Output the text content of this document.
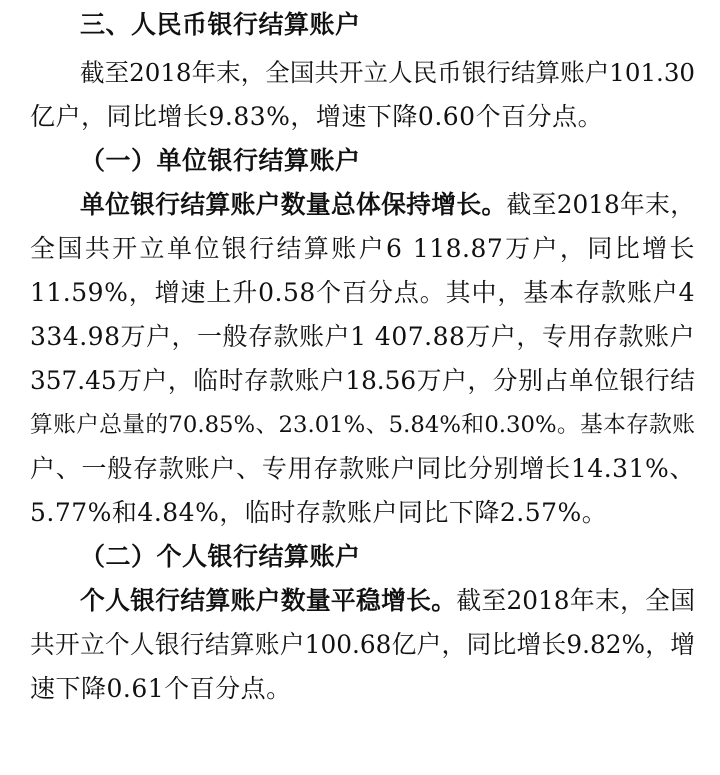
三、人民币银行结算账户
截至2018年末，全国共开立人民币银行结算账户101.30
亿户，同比增长9.83%，增速下降0.60个百分点。
（一）单位银行结算账户
单位银行结算账户数量总体保持增长。截至2018年末，
全国共开立单位银行结算账户6 118.87万户，同比增长
11.59%，增速上升0.58个百分点。其中，基本存款账户4
334.98万户，一般存款账户1 407.88万户，专用存款账户
357.45万户，临时存款账户18.56万户，分别占单位银行结
算账户总量的70.85%、23.01%、5.84%和0.30%。基本存款账
户、一般存款账户、专用存款账户同比分别增长14.31%、
5.77%和4.84%，临时存款账户同比下降2.57%。
（二）个人银行结算账户
个人银行结算账户数量平稳增长。截至2018年末，全国
共开立个人银行结算账户100.68亿户，同比增长9.82%，增
速下降0.61个百分点。
